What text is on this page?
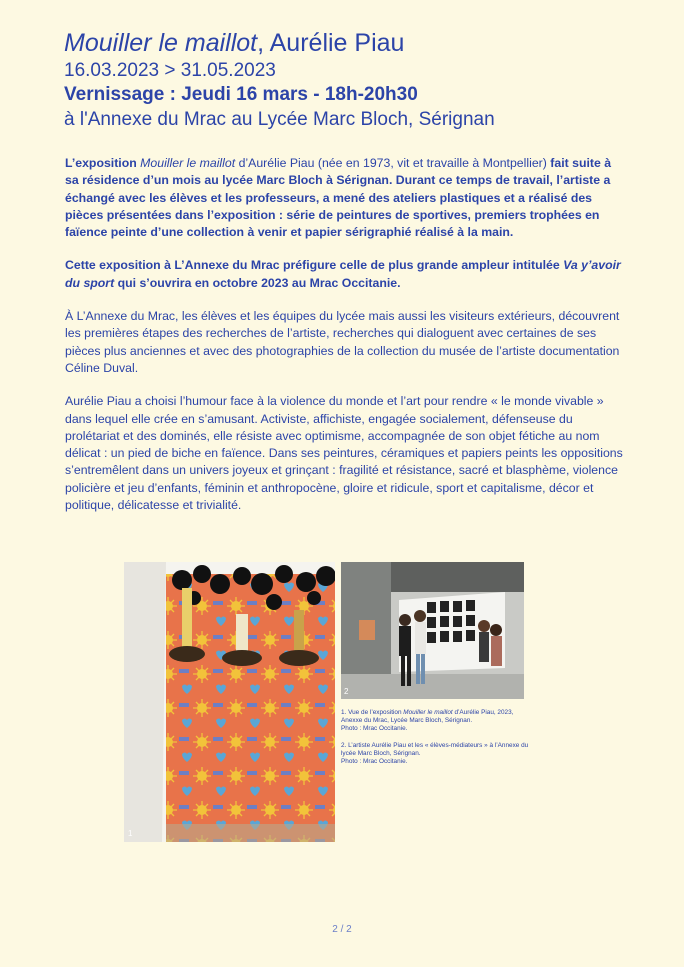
Mouiller le maillot, Aurélie Piau
16.03.2023 > 31.05.2023
Vernissage : Jeudi 16 mars - 18h-20h30
à l'Annexe du Mrac au Lycée Marc Bloch, Sérignan

L’exposition Mouiller le maillot d’Aurélie Piau (née en 1973, vit et travaille à Montpellier) fait suite à sa résidence d’un mois au lycée Marc Bloch à Sérignan. Durant ce temps de travail, l’artiste a échangé avec les élèves et les professeurs, a mené des ateliers plastiques et a réalisé des pièces présentées dans l’exposition : série de peintures de sportives, premiers trophées en faïence peinte d’une collection à venir et papier sérigraphié réalisé à la main.

Cette exposition à L’Annexe du Mrac préfigure celle de plus grande ampleur intitulée Va y’avoir du sport qui s’ouvrira en octobre 2023 au Mrac Occitanie.

À L’Annexe du Mrac, les élèves et les équipes du lycée mais aussi les visiteurs extérieurs, découvrent les premières étapes des recherches de l’artiste, recherches qui dialoguent avec certaines de ses pièces plus anciennes et avec des photographies de la collection du musée de l’artiste documentation Céline Duval.

Aurélie Piau a choisi l’humour face à la violence du monde et l’art pour rendre « le monde vivable » dans lequel elle crée en s’amusant. Activiste, affichiste, engagée socialement, défenseuse du prolétariat et des dominés, elle résiste avec optimisme, accompagnée de son objet fétiche au nom délicat : un pied de biche en faïence. Dans ses peintures, céramiques et papiers peints les oppositions s’entremêlent dans un univers joyeux et grinçant : fragilité et résistance, sacré et blasphème, violence policière et jeu d’enfants, féminin et anthropocène, gloire et ridicule, sport et capitalisme, décor et politique, délicatesse et trivialité.

1
2

1. Vue de l’exposition Mouiller le maillot d’Aurélie Piau, 2023, Anexxe du Mrac, Lycée Marc Bloch, Sérignan.
Photo : Mrac Occitanie.

2. L’artiste Aurélie Piau et les « élèves-médiateurs » à l’Annexe du lycée Marc Bloch, Sérignan.
Photo : Mrac Occitanie.

2 / 2
